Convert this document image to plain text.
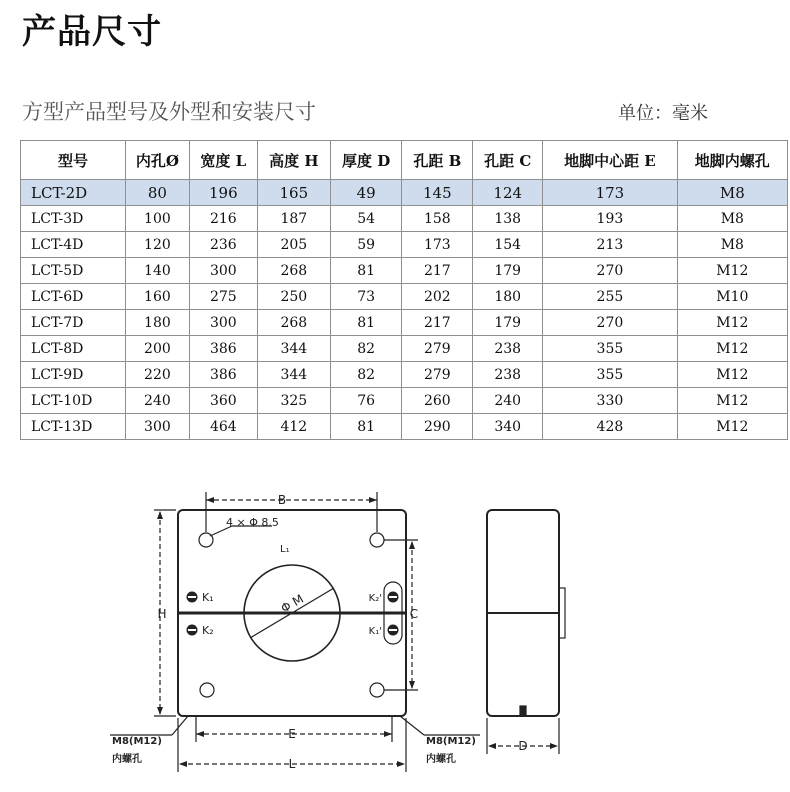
产品尺寸
方型产品型号及外型和安装尺寸	单位：毫米
型号	内孔Ø	宽度 L	高度 H	厚度 D	孔距 B	孔距 C	地脚中心距 E	地脚内螺孔
LCT-2D	80	196	165	49	145	124	173	M8
LCT-3D	100	216	187	54	158	138	193	M8
LCT-4D	120	236	205	59	173	154	213	M8
LCT-5D	140	300	268	81	217	179	270	M12
LCT-6D	160	275	250	73	202	180	255	M10
LCT-7D	180	300	268	81	217	179	270	M12
LCT-8D	200	386	344	82	279	238	355	M12
LCT-9D	220	386	344	82	279	238	355	M12
LCT-10D	240	360	325	76	260	240	330	M12
LCT-13D	300	464	412	81	290	340	428	M12
B
4 × Φ 8.5
L₁
H	C
Φ M
K₁
K₂
K₂'
K₁'
E
L
M8(M12)
内螺孔
M8(M12)
内螺孔
D
